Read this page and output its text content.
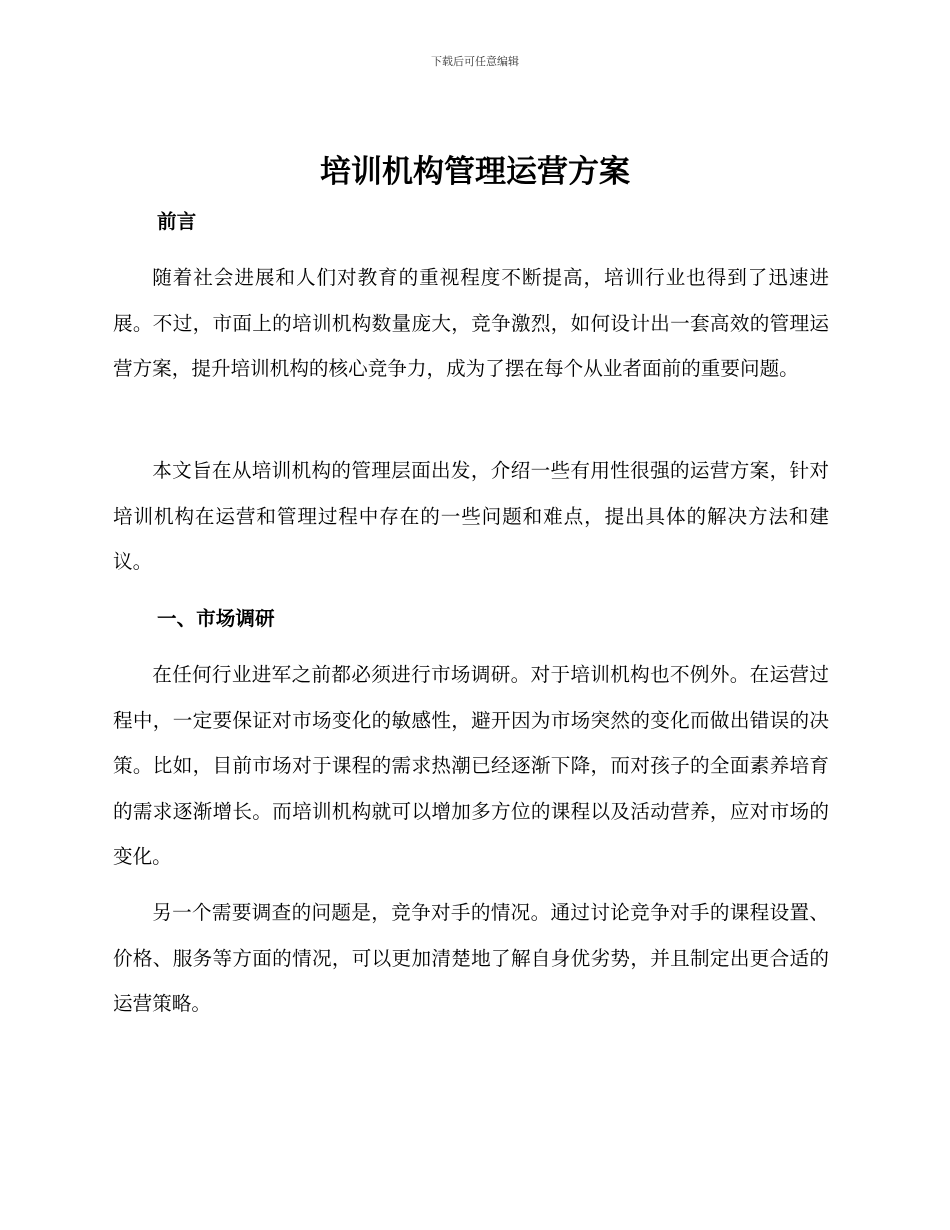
下载后可任意编辑
培训机构管理运营方案
前言

随着社会进展和人们对教育的重视程度不断提高，培训行业也得到了迅速进展。不过，市面上的培训机构数量庞大，竞争激烈，如何设计出一套高效的管理运营方案，提升培训机构的核心竞争力，成为了摆在每个从业者面前的重要问题。

本文旨在从培训机构的管理层面出发，介绍一些有用性很强的运营方案，针对培训机构在运营和管理过程中存在的一些问题和难点，提出具体的解决方法和建议。

一、市场调研

在任何行业进军之前都必须进行市场调研。对于培训机构也不例外。在运营过程中，一定要保证对市场变化的敏感性，避开因为市场突然的变化而做出错误的决策。比如，目前市场对于课程的需求热潮已经逐渐下降，而对孩子的全面素养培育的需求逐渐增长。而培训机构就可以增加多方位的课程以及活动营养，应对市场的变化。

另一个需要调查的问题是，竞争对手的情况。通过讨论竞争对手的课程设置、价格、服务等方面的情况，可以更加清楚地了解自身优劣势，并且制定出更合适的运营策略。
